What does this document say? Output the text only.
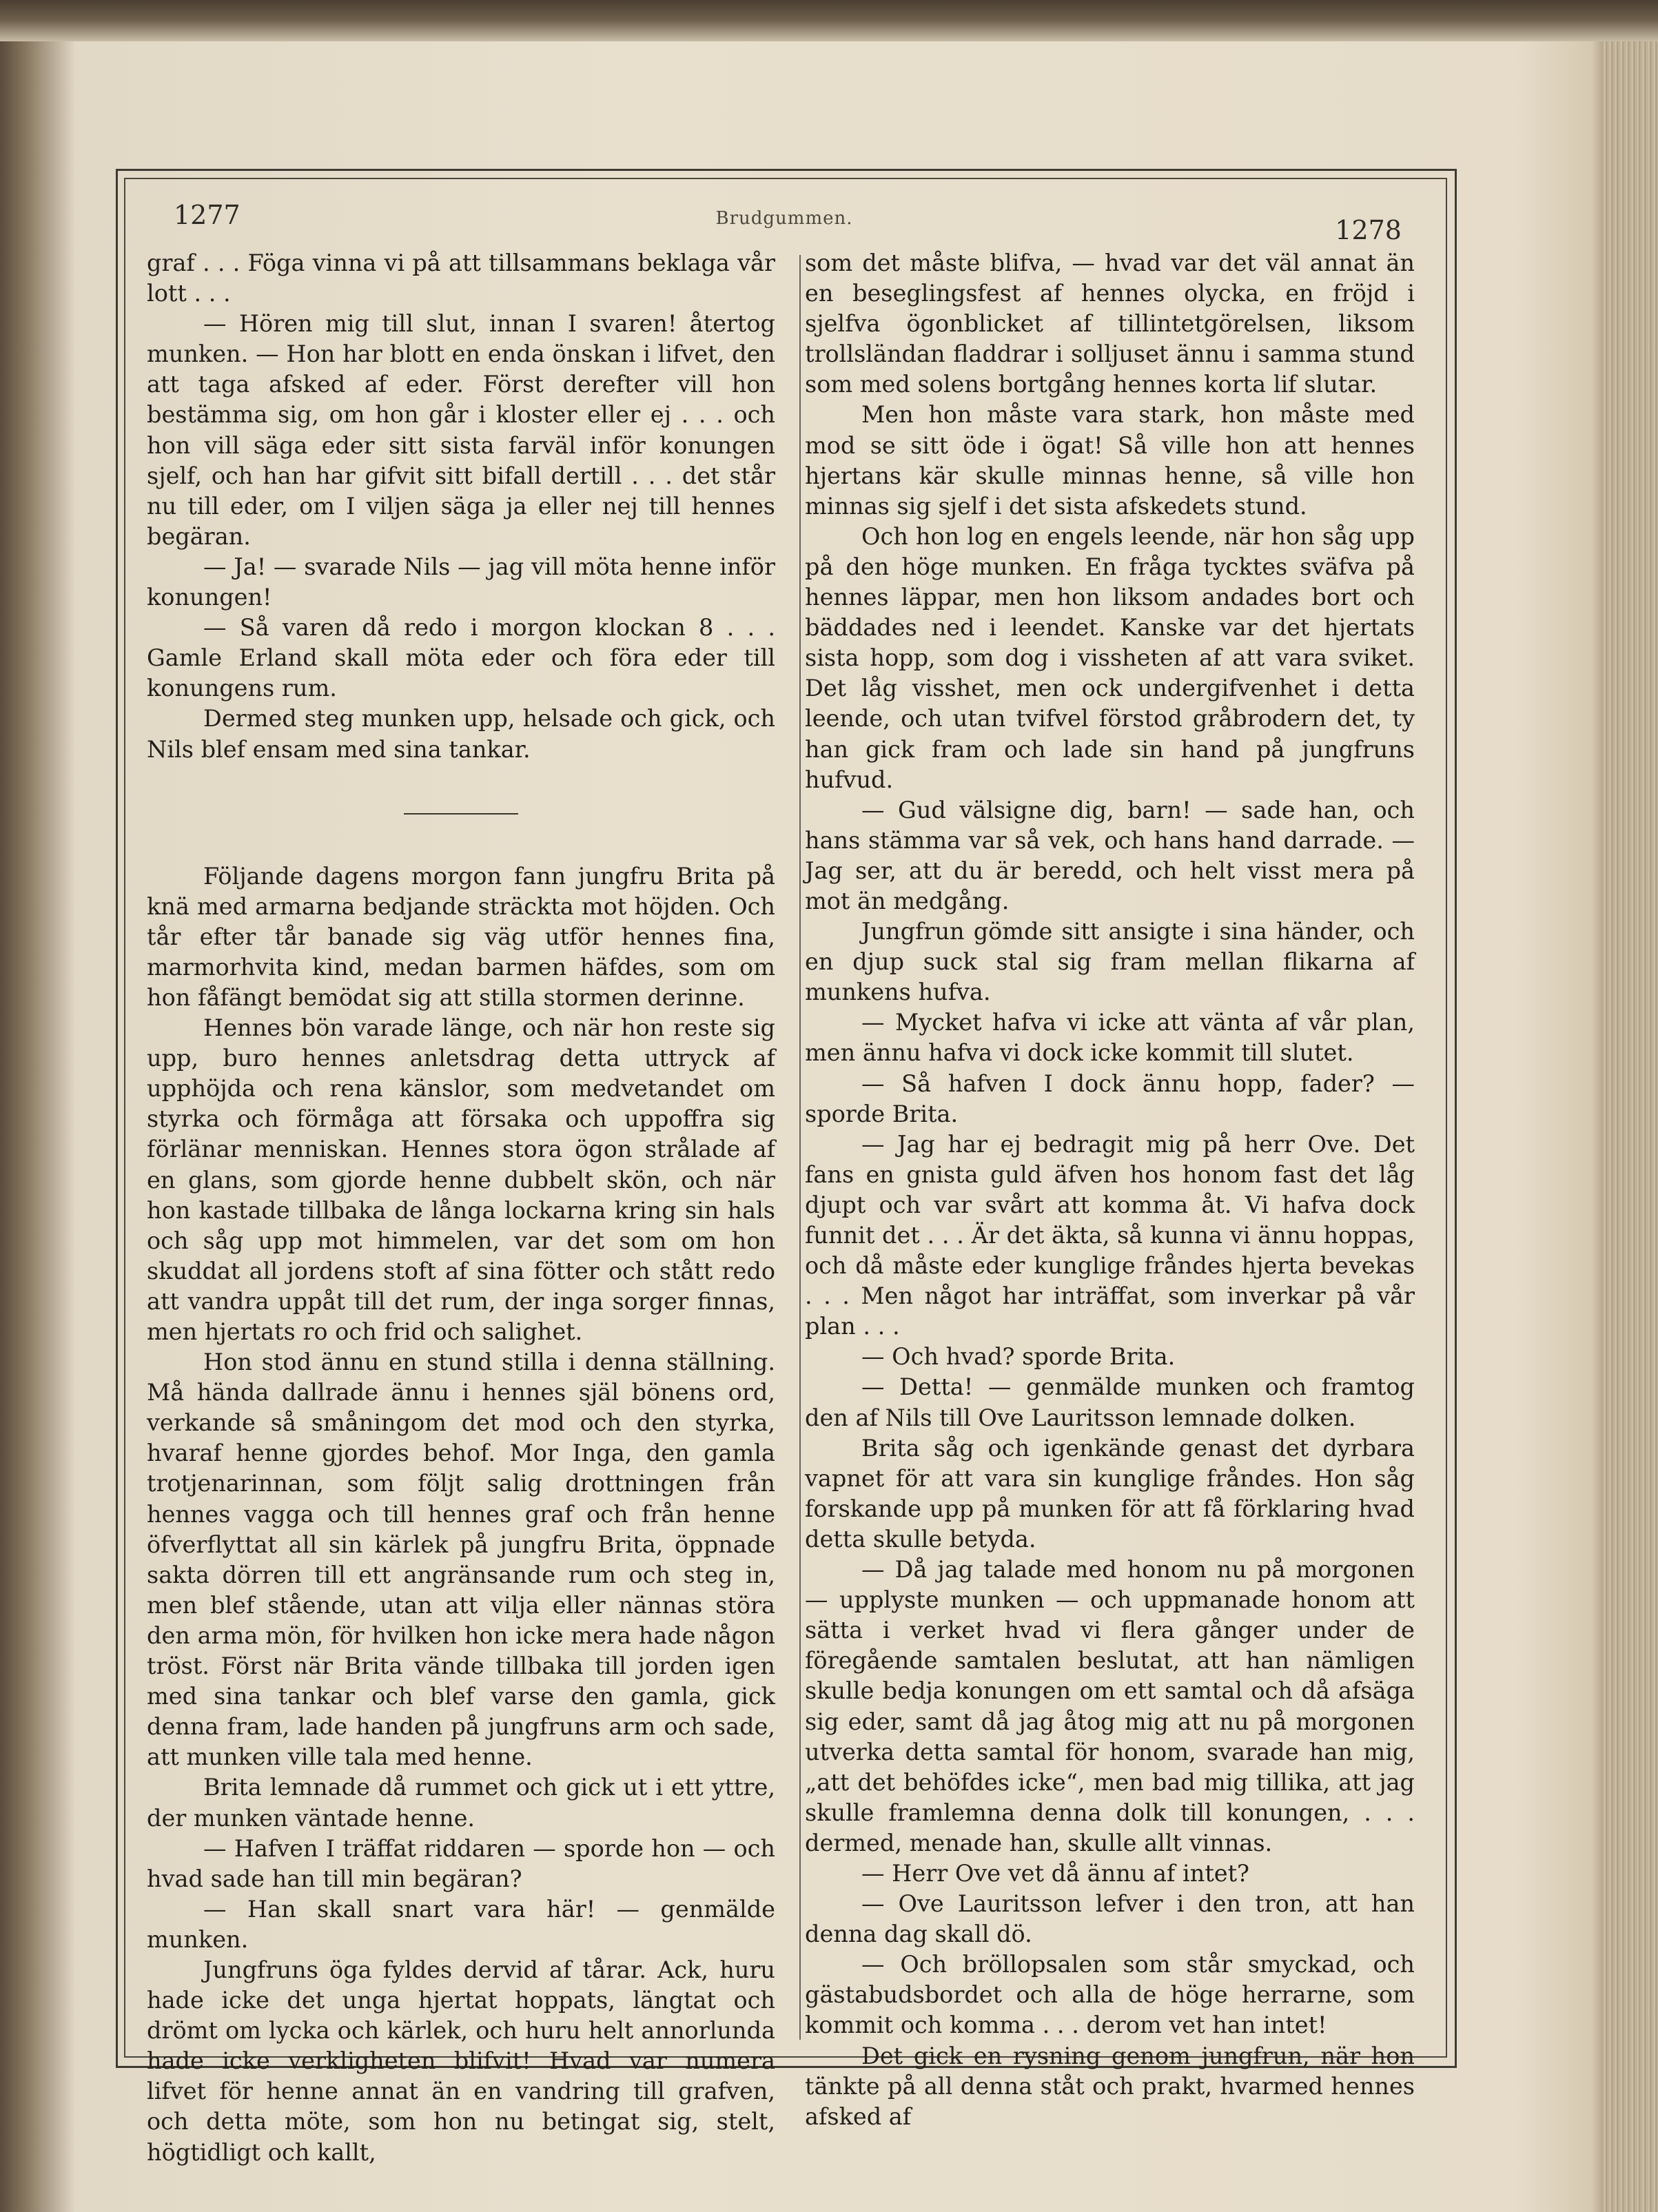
1277	Brudgummen.	1278

graf . . . Föga vinna vi på att tillsammans beklaga vår lott . . .

— Hören mig till slut, innan I svaren! återtog munken. — Hon har blott en enda önskan i lifvet, den att taga afsked af eder. Först derefter vill hon bestämma sig, om hon går i kloster eller ej . . . och hon vill säga eder sitt sista farväl inför konungen sjelf, och han har gifvit sitt bifall dertill . . . det står nu till eder, om I viljen säga ja eller nej till hennes begäran.

— Ja! — svarade Nils — jag vill möta henne inför konungen!

— Så varen då redo i morgon klockan 8 . . . Gamle Erland skall möta eder och föra eder till konungens rum.

Dermed steg munken upp, helsade och gick, och Nils blef ensam med sina tankar.

Följande dagens morgon fann jungfru Brita på knä med armarna bedjande sträckta mot höjden. Och tår efter tår banade sig väg utför hennes fina, marmorhvita kind, medan barmen häfdes, som om hon fåfängt bemödat sig att stilla stormen derinne.

Hennes bön varade länge, och när hon reste sig upp, buro hennes anletsdrag detta uttryck af upphöjda och rena känslor, som medvetandet om styrka och förmåga att försaka och uppoffra sig förlänar menniskan. Hennes stora ögon strålade af en glans, som gjorde henne dubbelt skön, och när hon kastade tillbaka de långa lockarna kring sin hals och såg upp mot himmelen, var det som om hon skuddat all jordens stoft af sina fötter och stått redo att vandra uppåt till det rum, der inga sorger finnas, men hjertats ro och frid och salighet.

Hon stod ännu en stund stilla i denna ställning. Må hända dallrade ännu i hennes själ bönens ord, verkande så småningom det mod och den styrka, hvaraf henne gjordes behof. Mor Inga, den gamla trotjenarinnan, som följt salig drottningen från hennes vagga och till hennes graf och från henne öfverflyttat all sin kärlek på jungfru Brita, öppnade sakta dörren till ett angränsande rum och steg in, men blef stående, utan att vilja eller nännas störa den arma mön, för hvilken hon icke mera hade någon tröst. Först när Brita vände tillbaka till jorden igen med sina tankar och blef varse den gamla, gick denna fram, lade handen på jungfruns arm och sade, att munken ville tala med henne.

Brita lemnade då rummet och gick ut i ett yttre, der munken väntade henne.

— Hafven I träffat riddaren — sporde hon — och hvad sade han till min begäran?

— Han skall snart vara här! — genmälde munken.

Jungfruns öga fyldes dervid af tårar. Ack, huru hade icke det unga hjertat hoppats, längtat och drömt om lycka och kärlek, och huru helt annorlunda hade icke verkligheten blifvit! Hvad var numera lifvet för henne annat än en vandring till grafven, och detta möte, som hon nu betingat sig, stelt, högtidligt och kallt,

som det måste blifva, — hvad var det väl annat än en beseglingsfest af hennes olycka, en fröjd i sjelfva ögonblicket af tillintetgörelsen, liksom trollsländan fladdrar i solljuset ännu i samma stund som med solens bortgång hennes korta lif slutar.

Men hon måste vara stark, hon måste med mod se sitt öde i ögat! Så ville hon att hennes hjertans kär skulle minnas henne, så ville hon minnas sig sjelf i det sista afskedets stund.

Och hon log en engels leende, när hon såg upp på den höge munken. En fråga tycktes sväfva på hennes läppar, men hon liksom andades bort och bäddades ned i leendet. Kanske var det hjertats sista hopp, som dog i vissheten af att vara sviket. Det låg visshet, men ock undergifvenhet i detta leende, och utan tvifvel förstod gråbrodern det, ty han gick fram och lade sin hand på jungfruns hufvud.

— Gud välsigne dig, barn! — sade han, och hans stämma var så vek, och hans hand darrade. — Jag ser, att du är beredd, och helt visst mera på mot än medgång.

Jungfrun gömde sitt ansigte i sina händer, och en djup suck stal sig fram mellan flikarna af munkens hufva.

— Mycket hafva vi icke att vänta af vår plan, men ännu hafva vi dock icke kommit till slutet.

— Så hafven I dock ännu hopp, fader? — sporde Brita.

— Jag har ej bedragit mig på herr Ove. Det fans en gnista guld äfven hos honom fast det låg djupt och var svårt att komma åt. Vi hafva dock funnit det . . . Är det äkta, så kunna vi ännu hoppas, och då måste eder kunglige fråndes hjerta bevekas . . . Men något har inträffat, som inverkar på vår plan . . .

— Och hvad? sporde Brita.

— Detta! — genmälde munken och framtog den af Nils till Ove Lauritsson lemnade dolken.

Brita såg och igenkände genast det dyrbara vapnet för att vara sin kunglige fråndes. Hon såg forskande upp på munken för att få förklaring hvad detta skulle betyda.

— Då jag talade med honom nu på morgonen — upplyste munken — och uppmanade honom att sätta i verket hvad vi flera gånger under de föregående samtalen beslutat, att han nämligen skulle bedja konungen om ett samtal och då afsäga sig eder, samt då jag åtog mig att nu på morgonen utverka detta samtal för honom, svarade han mig, „att det behöfdes icke“, men bad mig tillika, att jag skulle framlemna denna dolk till konungen, . . . dermed, menade han, skulle allt vinnas.

— Herr Ove vet då ännu af intet?

— Ove Lauritsson lefver i den tron, att han denna dag skall dö.

— Och bröllopsalen som står smyckad, och gästabudsbordet och alla de höge herrarne, som kommit och komma . . . derom vet han intet!

Det gick en rysning genom jungfrun, när hon tänkte på all denna ståt och prakt, hvarmed hennes afsked af
